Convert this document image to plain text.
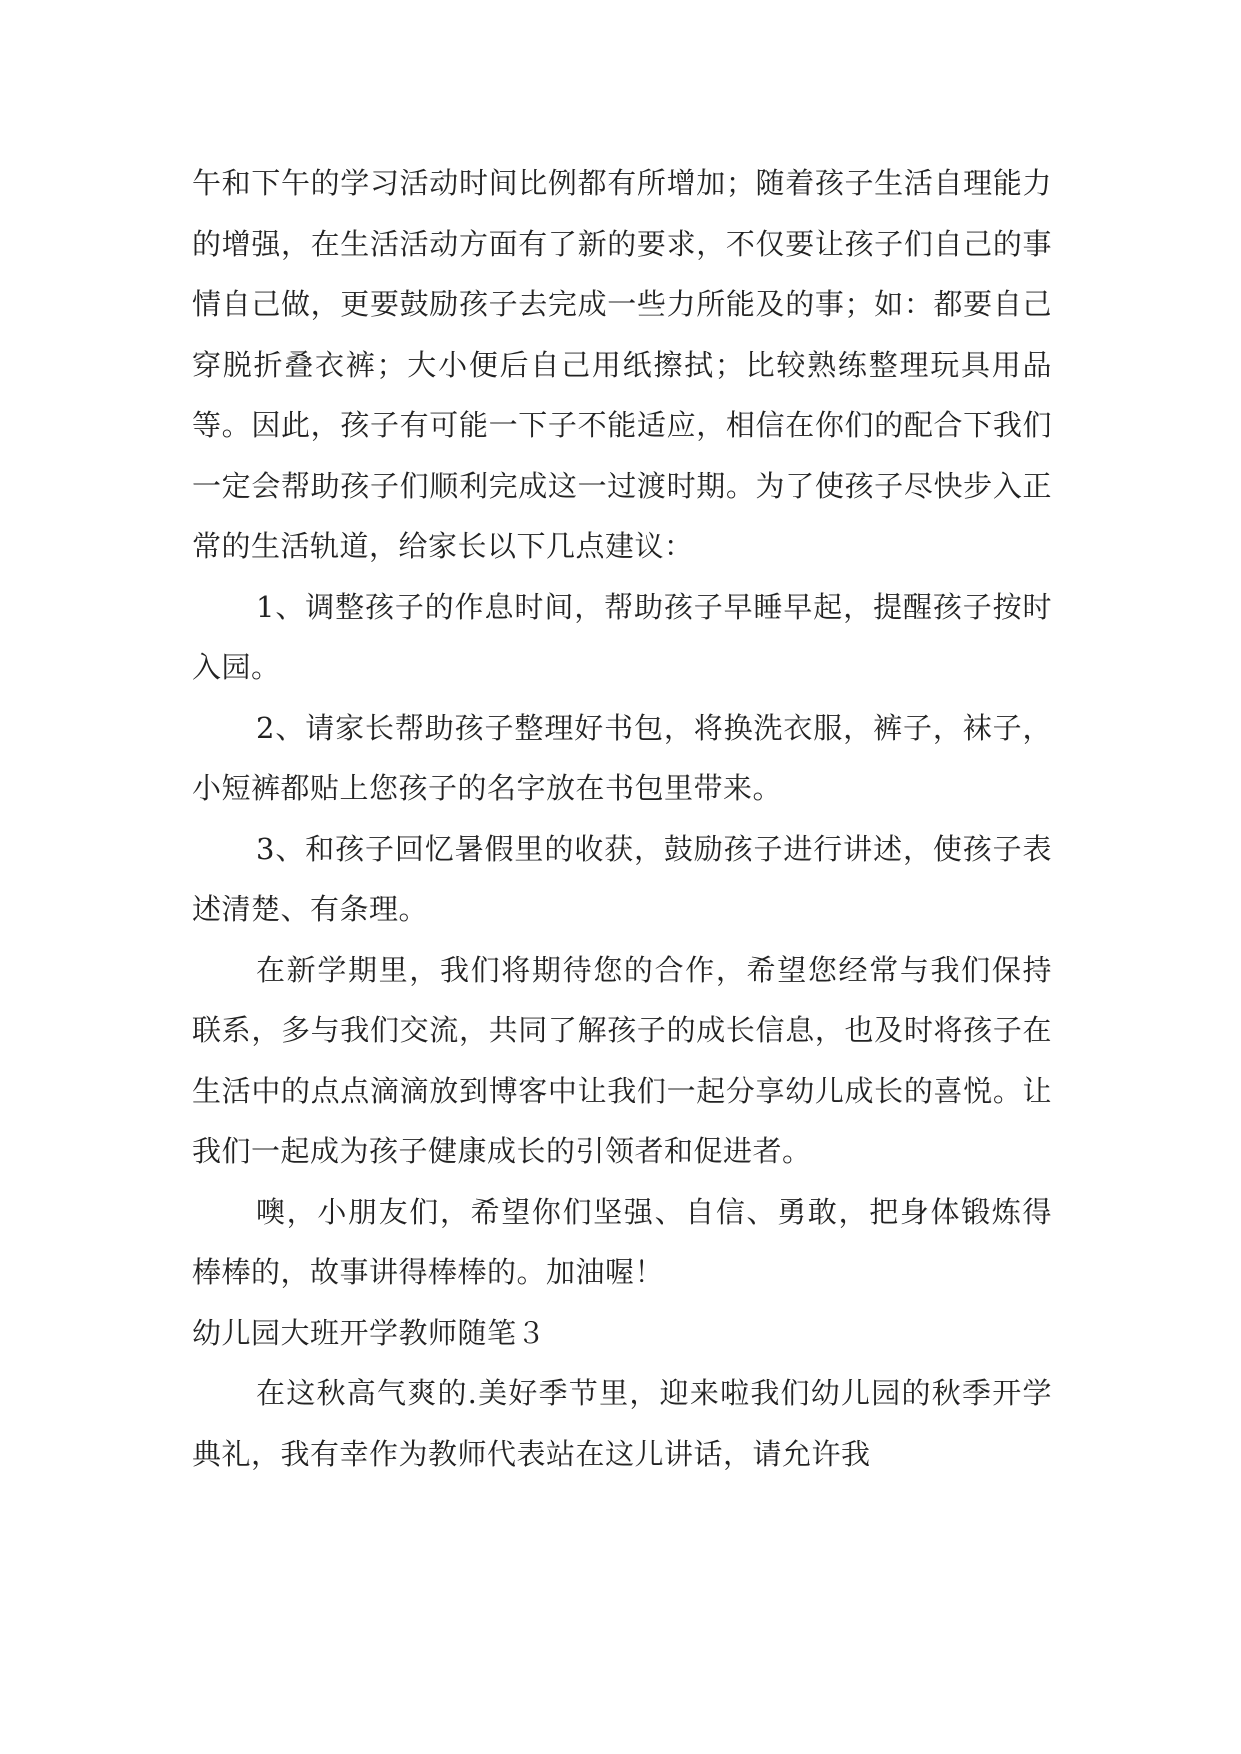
午和下午的学习活动时间比例都有所增加；随着孩子生活自理能力的增强，在生活活动方面有了新的要求，不仅要让孩子们自己的事情自己做，更要鼓励孩子去完成一些力所能及的事；如：都要自己穿脱折叠衣裤；大小便后自己用纸擦拭；比较熟练整理玩具用品等。因此，孩子有可能一下子不能适应，相信在你们的配合下我们一定会帮助孩子们顺利完成这一过渡时期。为了使孩子尽快步入正常的生活轨道，给家长以下几点建议：

1、调整孩子的作息时间，帮助孩子早睡早起，提醒孩子按时入园。

2、请家长帮助孩子整理好书包，将换洗衣服，裤子，袜子，小短裤都贴上您孩子的名字放在书包里带来。

3、和孩子回忆暑假里的收获，鼓励孩子进行讲述，使孩子表述清楚、有条理。

在新学期里，我们将期待您的合作，希望您经常与我们保持联系，多与我们交流，共同了解孩子的成长信息，也及时将孩子在生活中的点点滴滴放到博客中让我们一起分享幼儿成长的喜悦。让我们一起成为孩子健康成长的引领者和促进者。

噢，小朋友们，希望你们坚强、自信、勇敢，把身体锻炼得棒棒的，故事讲得棒棒的。加油喔！

幼儿园大班开学教师随笔３

在这秋高气爽的.美好季节里，迎来啦我们幼儿园的秋季开学典礼，我有幸作为教师代表站在这儿讲话，请允许我
